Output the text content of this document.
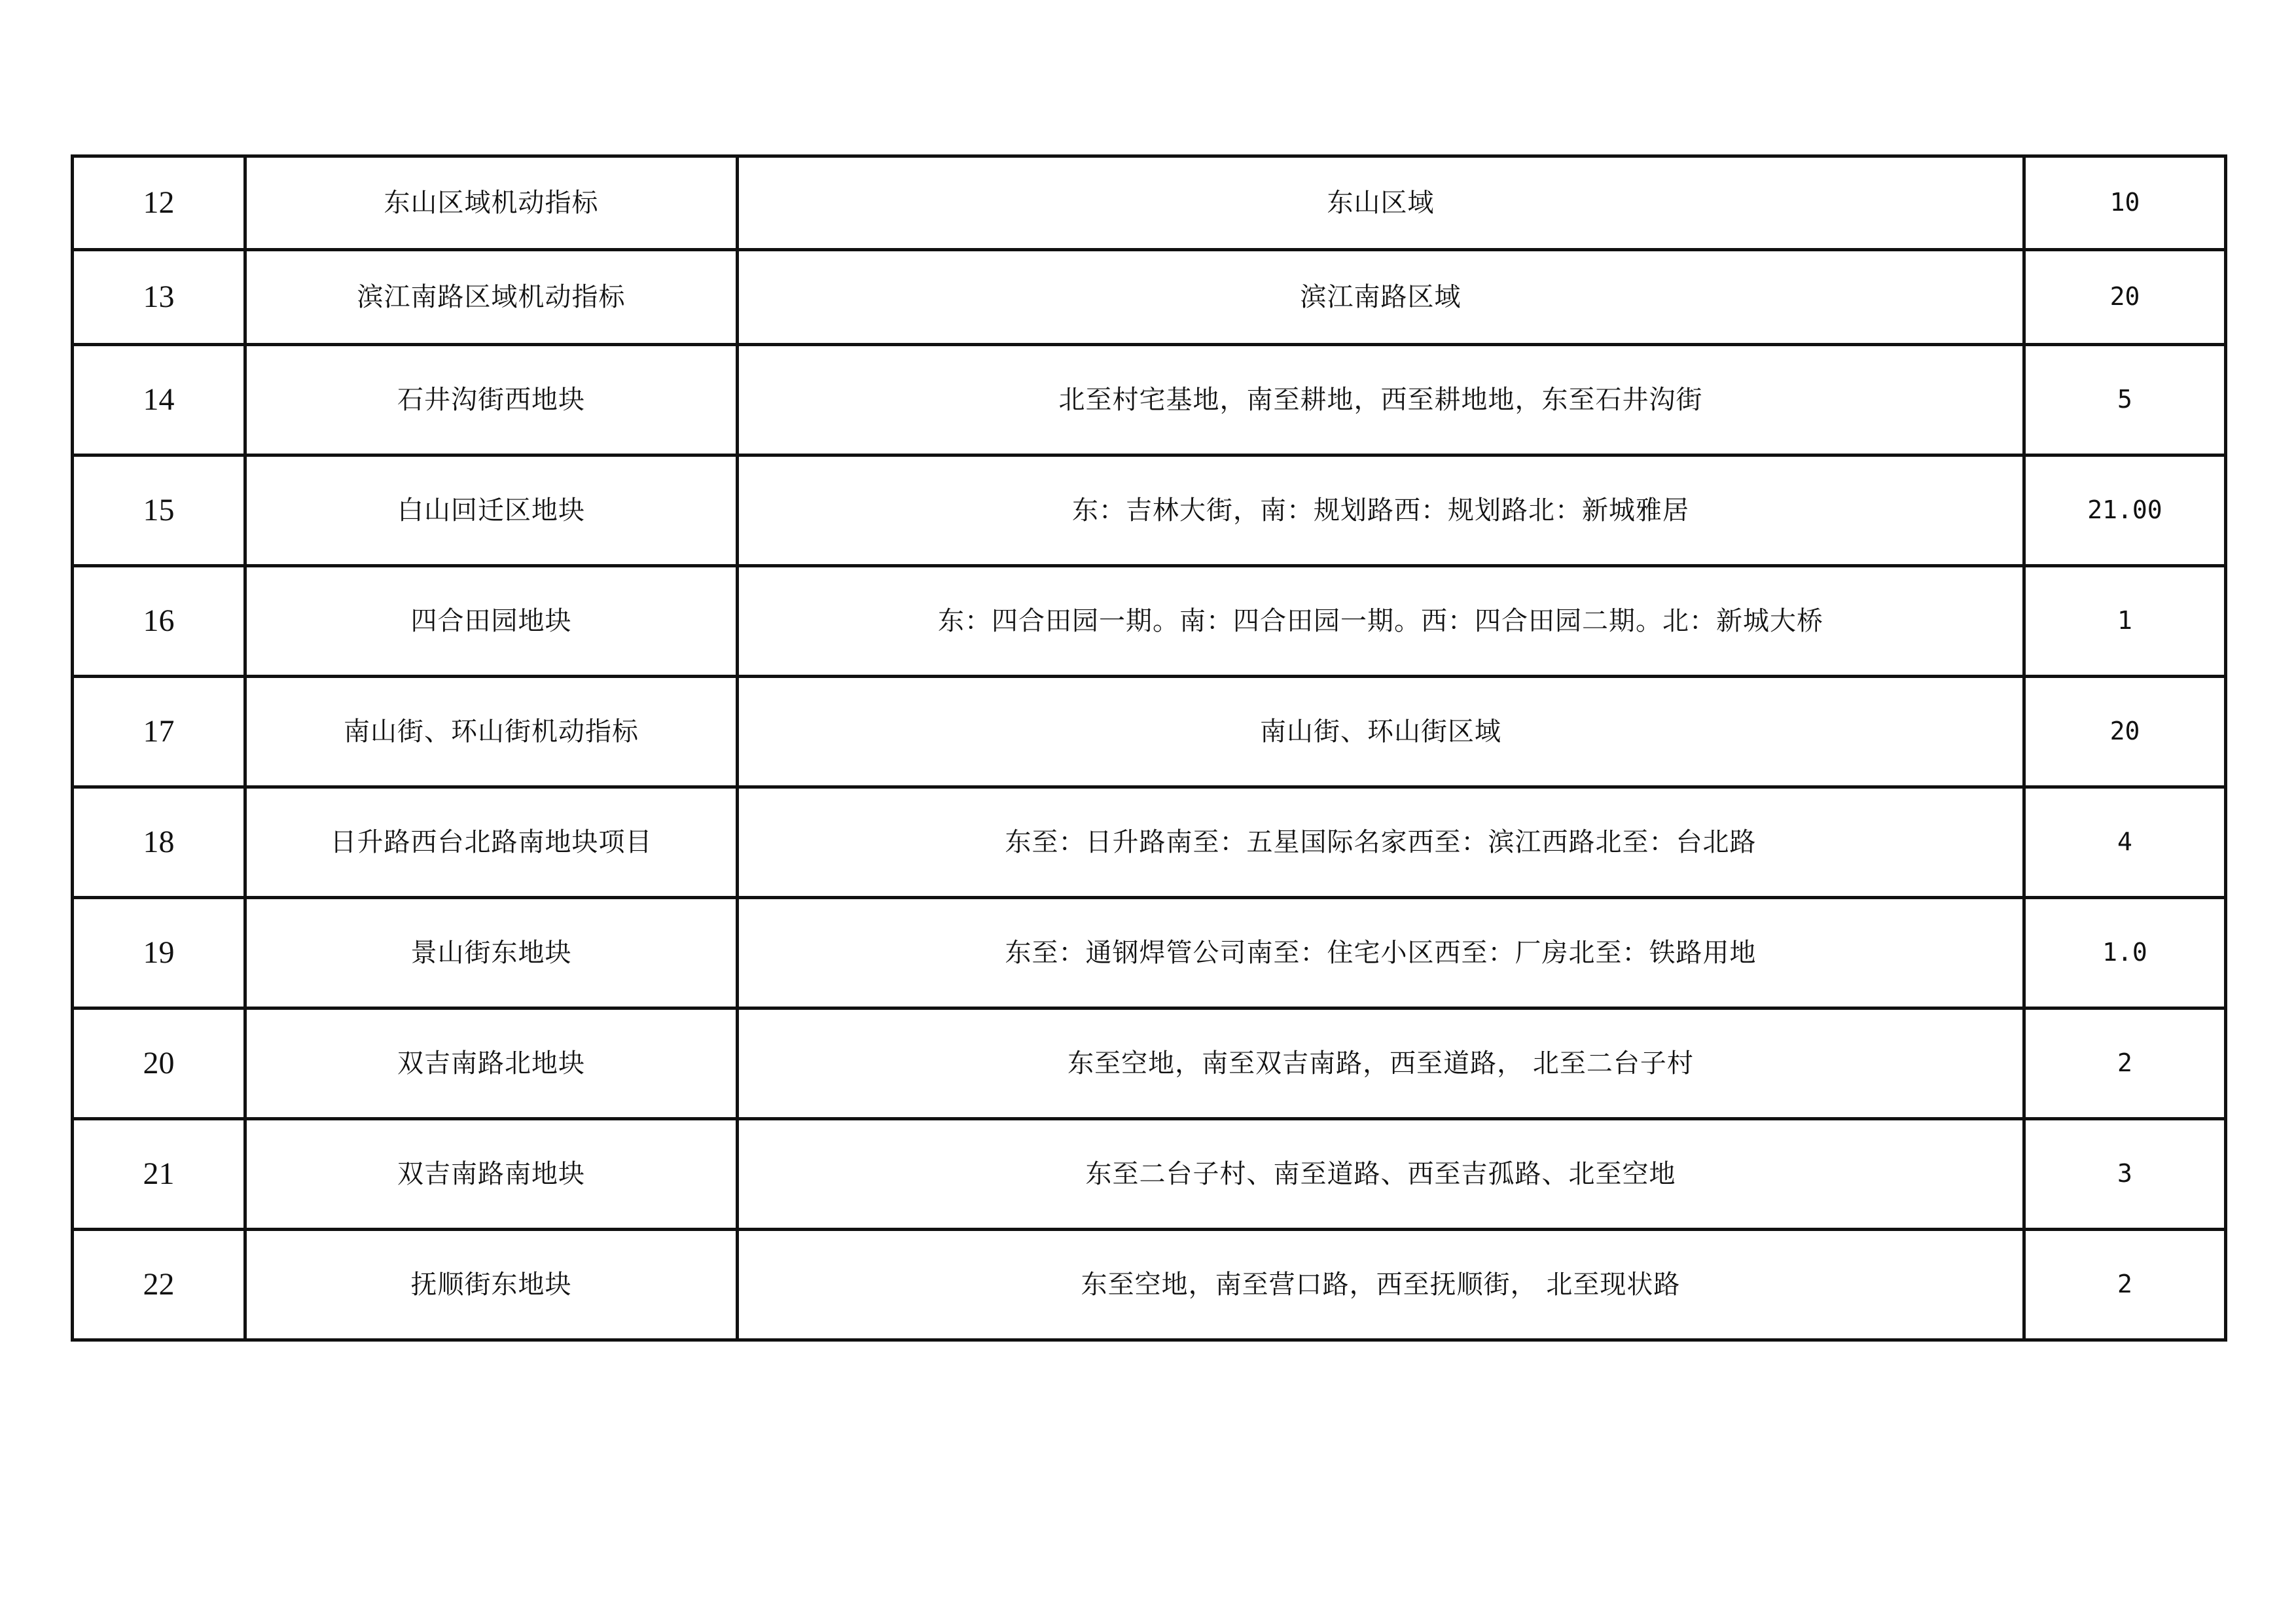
12	东山区域机动指标	东山区域	10
13	滨江南路区域机动指标	滨江南路区域	20
14	石井沟街西地块	北至村宅基地，南至耕地，西至耕地地，东至石井沟街	5
15	白山回迁区地块	东：吉林大街，南：规划路西：规划路北：新城雅居	21.00
16	四合田园地块	东：四合田园一期。南：四合田园一期。西：四合田园二期。北：新城大桥	1
17	南山街、环山街机动指标	南山街、环山街区域	20
18	日升路西台北路南地块项目	东至：日升路南至：五星国际名家西至：滨江西路北至：台北路	4
19	景山街东地块	东至：通钢焊管公司南至：住宅小区西至：厂房北至：铁路用地	1.0
20	双吉南路北地块	东至空地，南至双吉南路，西至道路， 北至二台子村	2
21	双吉南路南地块	东至二台子村、南至道路、西至吉孤路、北至空地	3
22	抚顺街东地块	东至空地，南至营口路，西至抚顺街， 北至现状路	2
